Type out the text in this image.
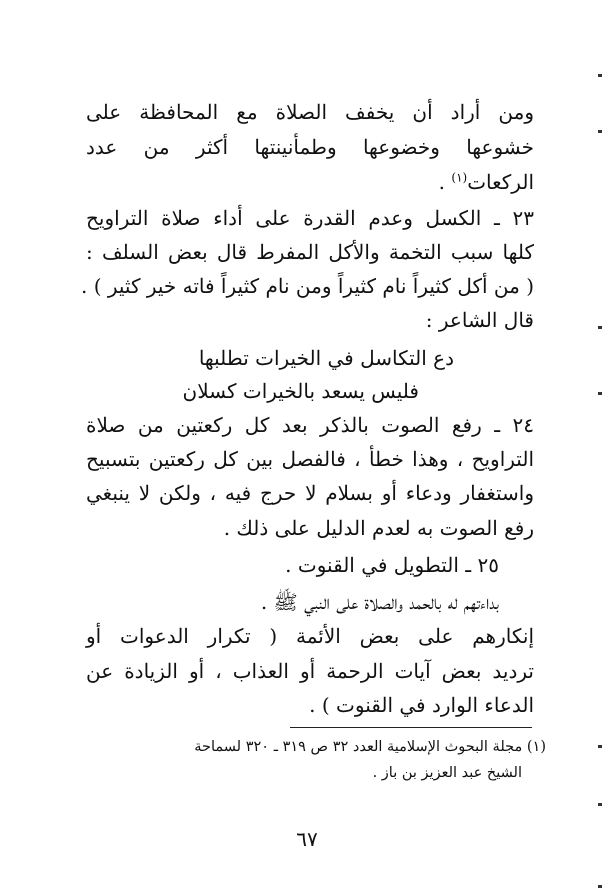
ومن أراد أن يخفف الصلاة مع المحافظة على
خشوعها وخضوعها وطمأنينتها أكثر من عدد
الركعات$^{(١)}$ .
٢٣ ـ الكسل وعدم القدرة على أداء صلاة التراويح
كلها سبب التخمة والأكل المفرط قال بعض السلف :
( من أكل كثيراً نام كثيراً ومن نام كثيراً فاته خير كثير ) .
قال الشاعر :
دع التكاسل في الخيرات تطلبها
فليس يسعد بالخيرات كسلان
٢٤ ـ رفع الصوت بالذكر بعد كل ركعتين من صلاة
التراويح ، وهذا خطأ ، فالفصل بين كل ركعتين بتسبيح
واستغفار ودعاء أو بسلام لا حرج فيه ، ولكن لا ينبغي
رفع الصوت به لعدم الدليل على ذلك .
٢٥ ـ التطويل في القنوت .
بداءتهم له بالحمد والصلاة على النبي ﷺ .
إنكارهم على بعض الأئمة ( تكرار الدعوات أو
ترديد بعض آيات الرحمة أو العذاب ، أو الزيادة عن
الدعاء الوارد في القنوت ) .
(١) مجلة البحوث الإسلامية العدد ٣٢ ص ٣١٩ ـ ٣٢٠ لسماحة
الشيخ عبد العزيز بن باز .
٦٧
